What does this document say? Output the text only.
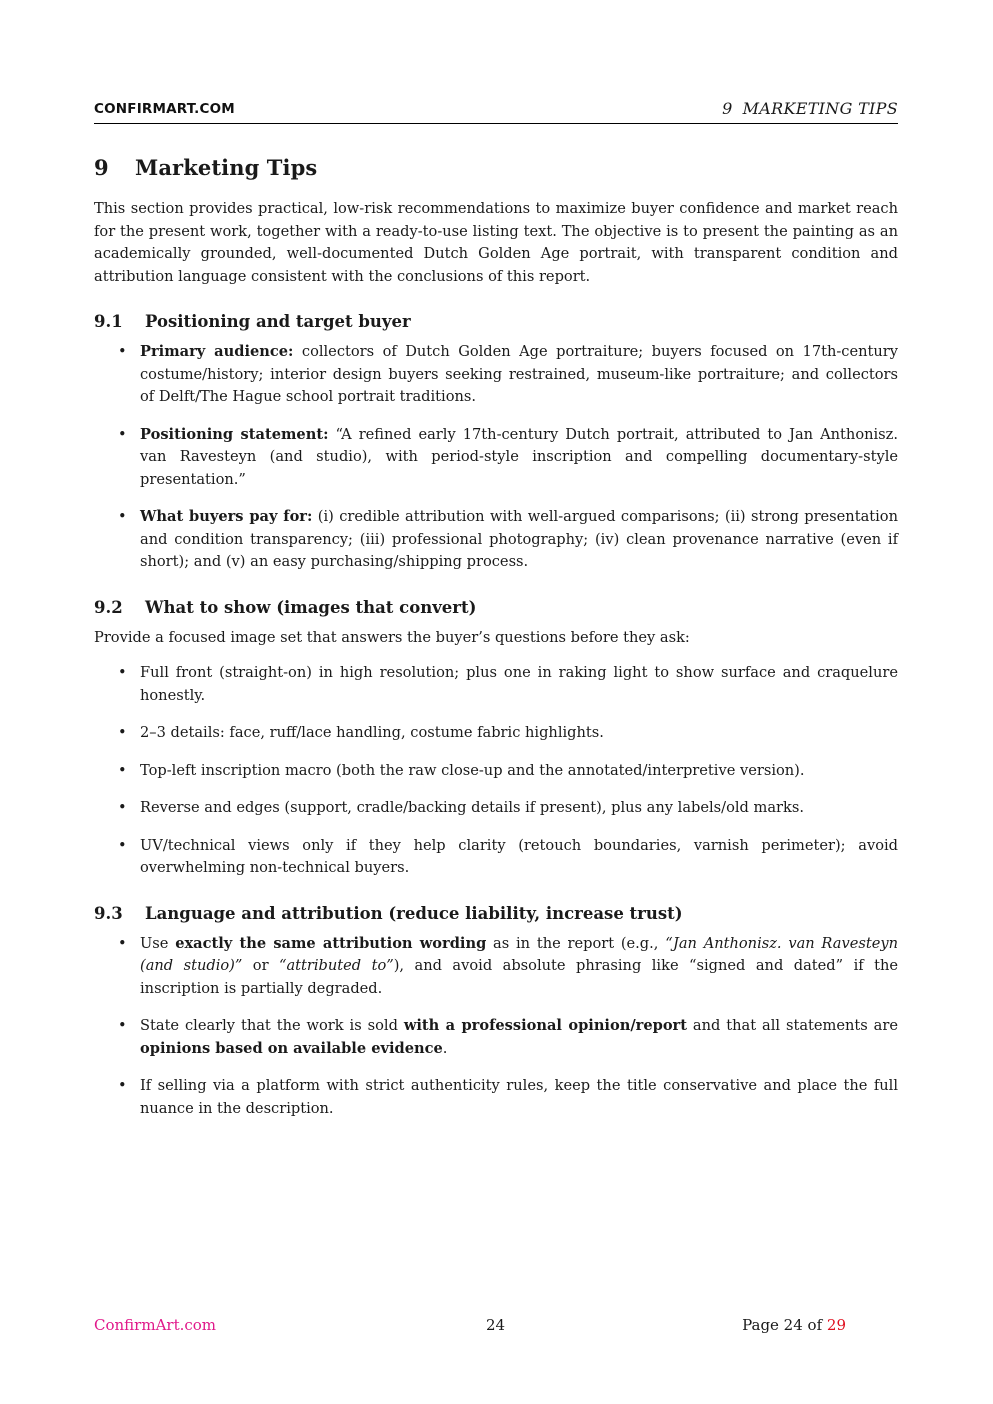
CONFIRMART.COM	9 MARKETING TIPS
9 Marketing Tips

This section provides practical, low-risk recommendations to maximize buyer confidence and market reach for the present work, together with a ready-to-use listing text. The objective is to present the painting as an academically grounded, well-documented Dutch Golden Age portrait, with transparent condition and attribution language consistent with the conclusions of this report.

9.1 Positioning and target buyer
• Primary audience: collectors of Dutch Golden Age portraiture; buyers focused on 17th-century costume/history; interior design buyers seeking restrained, museum-like portraiture; and collectors of Delft/The Hague school portrait traditions.
• Positioning statement: “A refined early 17th-century Dutch portrait, attributed to Jan Anthonisz. van Ravesteyn (and studio), with period-style inscription and compelling documentary-style presentation.”
• What buyers pay for: (i) credible attribution with well-argued comparisons; (ii) strong presentation and condition transparency; (iii) professional photography; (iv) clean provenance narrative (even if short); and (v) an easy purchasing/shipping process.
9.2 What to show (images that convert)

Provide a focused image set that answers the buyer’s questions before they ask:

• Full front (straight-on) in high resolution; plus one in raking light to show surface and craquelure honestly.
• 2–3 details: face, ruff/lace handling, costume fabric highlights.
• Top-left inscription macro (both the raw close-up and the annotated/interpretive version).
• Reverse and edges (support, cradle/backing details if present), plus any labels/old marks.
• UV/technical views only if they help clarity (retouch boundaries, varnish perimeter); avoid overwhelming non-technical buyers.
9.3 Language and attribution (reduce liability, increase trust)
• Use exactly the same attribution wording as in the report (e.g., “Jan Anthonisz. van Ravesteyn (and studio)” or “attributed to”), and avoid absolute phrasing like “signed and dated” if the inscription is partially degraded.
• State clearly that the work is sold with a professional opinion/report and that all statements are opinions based on available evidence.
• If selling via a platform with strict authenticity rules, keep the title conservative and place the full nuance in the description.
ConfirmArt.com	24	Page 24 of 29
